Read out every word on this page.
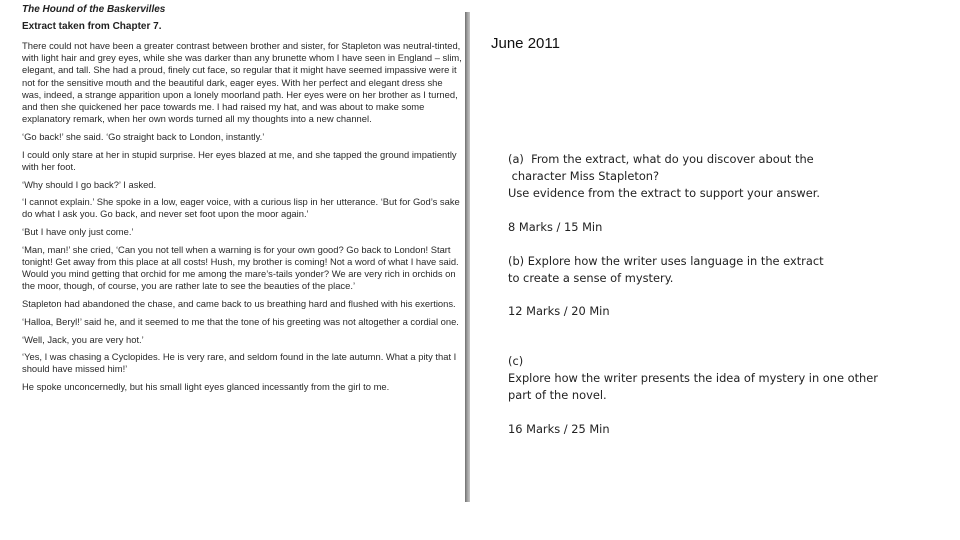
The Hound of the Baskervilles
Extract taken from Chapter 7.

There could not have been a greater contrast between brother and sister, for Stapleton was neutral-tinted, with light hair and grey eyes, while she was darker than any brunette whom I have seen in England – slim, elegant, and tall. She had a proud, finely cut face, so regular that it might have seemed impassive were it not for the sensitive mouth and the beautiful dark, eager eyes. With her perfect and elegant dress she was, indeed, a strange apparition upon a lonely moorland path. Her eyes were on her brother as I turned, and then she quickened her pace towards me. I had raised my hat, and was about to make some explanatory remark, when her own words turned all my thoughts into a new channel.

‘Go back!’ she said. ‘Go straight back to London, instantly.’

I could only stare at her in stupid surprise. Her eyes blazed at me, and she tapped the ground impatiently with her foot.

‘Why should I go back?’ I asked.

‘I cannot explain.’ She spoke in a low, eager voice, with a curious lisp in her utterance. ‘But for God’s sake do what I ask you. Go back, and never set foot upon the moor again.’

‘But I have only just come.’

‘Man, man!’ she cried, ‘Can you not tell when a warning is for your own good? Go back to London! Start tonight! Get away from this place at all costs! Hush, my brother is coming! Not a word of what I have said. Would you mind getting that orchid for me among the mare’s-tails yonder? We are very rich in orchids on the moor, though, of course, you are rather late to see the beauties of the place.’

Stapleton had abandoned the chase, and came back to us breathing hard and flushed with his exertions.

‘Halloa, Beryl!’ said he, and it seemed to me that the tone of his greeting was not altogether a cordial one.

‘Well, Jack, you are very hot.’

‘Yes, I was chasing a Cyclopides. He is very rare, and seldom found in the late autumn. What a pity that I should have missed him!’

He spoke unconcernedly, but his small light eyes glanced incessantly from the girl to me.

June 2011
(a)  From the extract, what do you discover about the
character Miss Stapleton?
Use evidence from the extract to support your answer.
8 Marks / 15 Min
(b) Explore how the writer uses language in the extract
to create a sense of mystery.
12 Marks / 20 Min
(c)
Explore how the writer presents the idea of mystery in one other
part of the novel.
16 Marks / 25 Min
